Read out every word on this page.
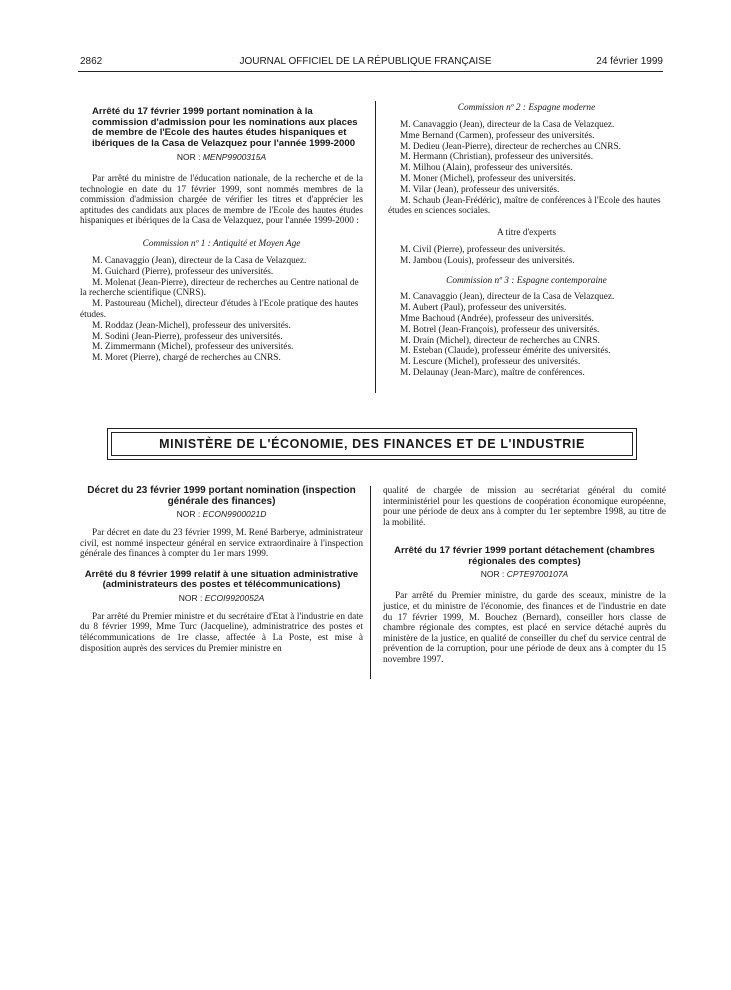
2862	JOURNAL OFFICIEL DE LA RÉPUBLIQUE FRANÇAISE	24 février 1999
Arrêté du 17 février 1999 portant nomination à la commission d'admission pour les nominations aux places de membre de l'Ecole des hautes études hispaniques et ibériques de la Casa de Velazquez pour l'année 1999-2000
NOR : MENP9900315A

Par arrêté du ministre de l'éducation nationale, de la recherche et de la technologie en date du 17 février 1999, sont nommés membres de la commission d'admission chargée de vérifier les titres et d'apprécier les aptitudes des candidats aux places de membre de l'Ecole des hautes études hispaniques et ibériques de la Casa de Velazquez, pour l'année 1999-2000 :

Commission nº 1 : Antiquité et Moyen Age
M. Canavaggio (Jean), directeur de la Casa de Velazquez.
M. Guichard (Pierre), professeur des universités.
M. Molenat (Jean-Pierre), directeur de recherches au Centre national de la recherche scientifique (CNRS).
M. Pastoureau (Michel), directeur d'études à l'Ecole pratique des hautes études.
M. Roddaz (Jean-Michel), professeur des universités.
M. Sodini (Jean-Pierre), professeur des universités.
M. Zimmermann (Michel), professeur des universités.
M. Moret (Pierre), chargé de recherches au CNRS.
Commission nº 2 : Espagne moderne
M. Canavaggio (Jean), directeur de la Casa de Velazquez.
Mme Bernand (Carmen), professeur des universités.
M. Dedieu (Jean-Pierre), directeur de recherches au CNRS.
M. Hermann (Christian), professeur des universités.
M. Milhou (Alain), professeur des universités.
M. Moner (Michel), professeur des universités.
M. Vilar (Jean), professeur des universités.
M. Schaub (Jean-Frédéric), maître de conférences à l'Ecole des hautes études en sciences sociales.
A titre d'experts
M. Civil (Pierre), professeur des universités.
M. Jambou (Louis), professeur des universités.
Commission nº 3 : Espagne contemporaine
M. Canavaggio (Jean), directeur de la Casa de Velazquez.
M. Aubert (Paul), professeur des universités.
Mme Bachoud (Andrée), professeur des universités.
M. Botrel (Jean-François), professeur des universités.
M. Drain (Michel), directeur de recherches au CNRS.
M. Esteban (Claude), professeur émérite des universités.
M. Lescure (Michel), professeur des universités.
M. Delaunay (Jean-Marc), maître de conférences.
MINISTÈRE DE L'ÉCONOMIE, DES FINANCES ET DE L'INDUSTRIE
Décret du 23 février 1999 portant nomination (inspection générale des finances)
NOR : ECON9900021D

Par décret en date du 23 février 1999, M. René Barberye, administrateur civil, est nommé inspecteur général en service extraordinaire à l'inspection générale des finances à compter du 1er mars 1999.

Arrêté du 8 février 1999 relatif à une situation administrative (administrateurs des postes et télécommunications)
NOR : ECOI9920052A

Par arrêté du Premier ministre et du secrétaire d'Etat à l'industrie en date du 8 février 1999, Mme Turc (Jacqueline), administratrice des postes et télécommunications de 1re classe, affectée à La Poste, est mise à disposition auprès des services du Premier ministre en

qualité de chargée de mission au secrétariat général du comité interministériel pour les questions de coopération économique européenne, pour une période de deux ans à compter du 1er septembre 1998, au titre de la mobilité.

Arrêté du 17 février 1999 portant détachement (chambres régionales des comptes)
NOR : CPTE9700107A

Par arrêté du Premier ministre, du garde des sceaux, ministre de la justice, et du ministre de l'économie, des finances et de l'industrie en date du 17 février 1999, M. Bouchez (Bernard), conseiller hors classe de chambre régionale des comptes, est placé en service détaché auprès du ministère de la justice, en qualité de conseiller du chef du service central de prévention de la corruption, pour une période de deux ans à compter du 15 novembre 1997.
